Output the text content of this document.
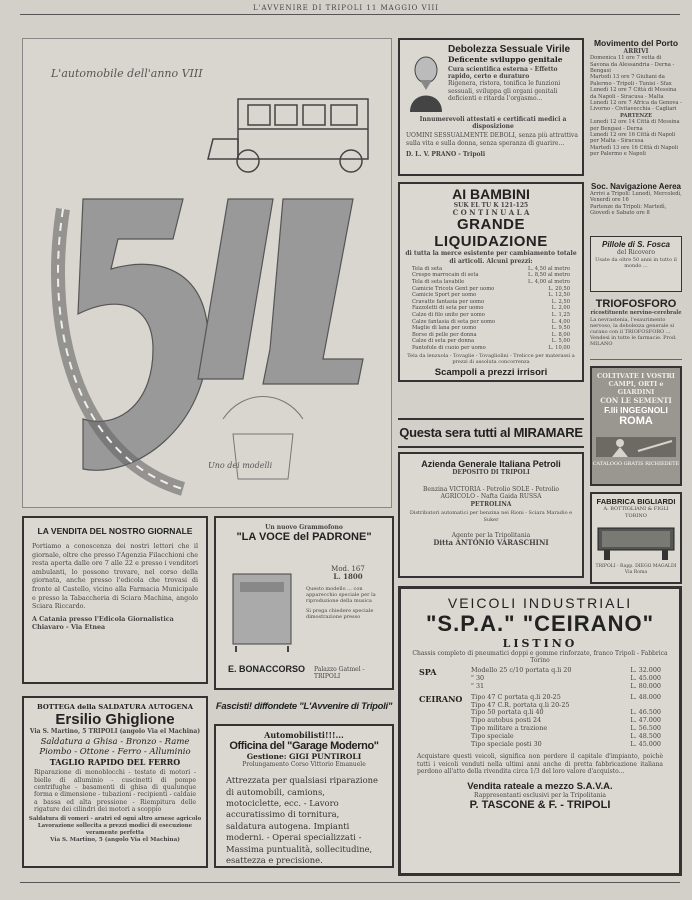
L'AVVENIRE DI TRIPOLI 11 MAGGIO VIII
L'automobile dell'anno VIII
Uno dei modelli
Debolezza Sessuale Virile
Deficente sviluppo genitale
Cura scientifica esterna - Effetto rapido, certo e duraturo
Rigenera, ristora, tonifica le funzioni sessuali, sviluppa gli organi genitali deficienti e ritarda l'orgasmo...
Innumerevoli attestati e certificati medici a disposizione
UOMINI SESSUALMENTE DEBOLI, senza più attrattiva sulla vita e sulla donna, senza speranza di guarire...
D. L. V. PRANO - Tripoli
Movimento del Porto
ARRIVI
Domenica 11 ore 7 vetta di Savona da Alessandria - Derna - Bengasi
Martedì 13 ore 7 Giuliani da Palermo - Tripoli - Tunisi - Sfax
Lunedì 12 ore 7 Città di Messina da Napoli - Siracusa - Malta
Lunedì 12 ore 7 Africa da Genova - Livorno - Civitavecchia - Cagliari
PARTENZE
Lunedì 12 ore 14 Città di Messina per Bengasi - Derna
Lunedì 12 ore 16 Città di Napoli per Malta - Siracusa
Martedì 13 ore 16 Città di Napoli per Palermo e Napoli
Soc. Navigazione Aerea
Arrivi a Tripoli: Lunedì, Mercoledì, Venerdì ore 16
Partenze da Tripoli: Martedì, Giovedì e Sabato ore 8
AI BAMBINI
SUK EL TU K 121-125
C O N T I N U A L A
GRANDE LIQUIDAZIONE
di tutta la merce esistente per cambiamento totale di articoli. Alcuni prezzi:
Tela di seta	L. 4,50 al metro
Crespo marrocain di seta	L. 8,50 al metro
Tela di seta lavabile	L. 4,00 al metro
Camicie Tricots Gent per uomo	L. 20,50
Camicie Sport per uomo	L. 12,50
Cravatte fantasia per uomo	L. 2,50
Fazzoletti di seta per uomo	L. 2,00
Calze di filo unite per uomo	L. 1,25
Calze fantasia di seta per uomo	L. 4,00
Maglie di lana per uomo	L. 9,50
Borse di pelle per donna	L. 8,00
Calze di seta per donna	L. 5,00
Pantofole di cuoio per uomo	L. 10,00
Tela da lenzuola - Tovaglie - Tovagliolini - Trelicce per materassi a prezzi di assoluta concorrenza
Scampoli a prezzi irrisori
Pillole di S. Fosca
del Ricovero
Usate da oltre 50 anni in tutto il mondo ...
TRIOFOSFORO
ricostituente nervino-cerebrale
La nevrastenia, l'esaurimento nervoso, la debolezza generale si curano con il TRIOFOSFORO ... Vendesi in tutte le farmacie. Prod. MILANO
COLTIVATE I VOSTRI
CAMPI, ORTI e GIARDINI
CON LE SEMENTI
F.lli INGEGNOLI
ROMA
CATALOGO GRATIS RICHIEDETE
Questa sera tutti al MIRAMARE
Azienda Generale Italiana Petroli
DEPOSITO DI TRIPOLI
Benzina VICTORIA - Petrolio SOLE - Petrolio
AGRICOLO - Nafta Gaida RUSSA
PETROLINA
Distributori automatici per benzina nei Rioni - Sciara Maradio e Suker
Agente per la Tripolitania
Ditta ANTONIO VARASCHINI
FABBRICA BIGLIARDI
A. BOTTIGLIANI & FIGLI
TORINO
TRIPOLI - Rapp. DIEGO MAGALDI Via Roma
VEICOLI INDUSTRIALI
"S.P.A." "CEIRANO"
LISTINO
Chassis completo di pneumatici doppi e gomme rinforzate, franco Tripoli - Fabbrica Torino
SPA	Modello 25 c/10 portata q.li 20	L. 32.000
" 30	L. 45.000
" 31	L. 80.000
CEIRANO	Tipo 47 C portata q.li 20-25	L. 48.000
Tipo 47 C.R. portata q.li 20-25
Tipo 50 portata q.li 40	L. 46.500
Tipo autobus posti 24	L. 47.000
Tipo militare a trazione	L. 56.500
Tipo speciale	L. 48.500
Tipo speciale posti 30	L. 45.000
Acquistare questi veicoli, significa non perdere il capitale d'impianto, poichè tutti i veicoli venduti nella ultimi anni anche di pretta fabbricazione italiana perdono all'atto della rivendita circa 1/3 del loro valore d'acquisto...
Vendita rateale a mezzo S.A.V.A.
Rappresentanti esclusivi per la Tripolitania
P. TASCONE & F. - TRIPOLI
LA VENDITA DEL NOSTRO GIORNALE
Portiamo a conoscenza dei nostri lettori che il giornale, oltre che presso l'Agenzia Filacchioni che resta aperta dalle ore 7 alle 22 e presso i venditori ambulanti, lo possono trovare, nel corso della giornata, anche presso l'edicola che trovasi di fronte al Castello, vicino alla Farmacia Municipale e presso la Tabaccheria di Sciara Machina, angolo Sciara Riccardo.
A Catania presso l'Edicola Giornalistica Chiavaro - Via Etnea
Un nuovo Grammofono
"LA VOCE del PADRONE"
Mod. 167
L. 1800
Questo modello ... con apparecchio speciale per la riproduzione della musica
Si prega chiedere speciale dimostrazione presso
E. BONACCORSO Palazzo Gatmel - TRIPOLI
Fascisti! diffondete "L'Avvenire di Tripoli"
BOTTEGA della SALDATURA AUTOGENA
Ersilio Ghiglione
Via S. Martino, 5 TRIPOLI (angolo Via el Machina)
Saldatura a Ghisa - Bronzo - Rame
Piombo - Ottone - Ferro - Alluminio
TAGLIO RAPIDO DEL FERRO
Riparazione di monoblocchi - testate di motori - bielle di alluminio - cuscinetti di pompe centrifughe - basamenti di ghisa di qualunque forma e dimensione - tubazioni - recipienti - caldaie a bassa ed alta pressione - Riempitura delle rigature dei cilindri dei motori a scoppio
Saldatura di vomeri - aratri ed ogni altro arnese agricolo
Lavorazione sollecita a prezzi modici di esecuzione veramente perfetta
Via S. Martino, 5 (angolo Via el Machina)
Automobilisti!!!...
Officina del "Garage Moderno"
Gestione: GIGI PUNTIROLI
Prolungamento Corso Vittorio Emanuele
Attrezzata per qualsiasi riparazione di automobili, camions, motociclette, ecc. - Lavoro accuratissimo di tornitura, saldatura autogena. Impianti moderni. - Operai specializzati - Massima puntualità, sollecitudine, esattezza e precisione.
